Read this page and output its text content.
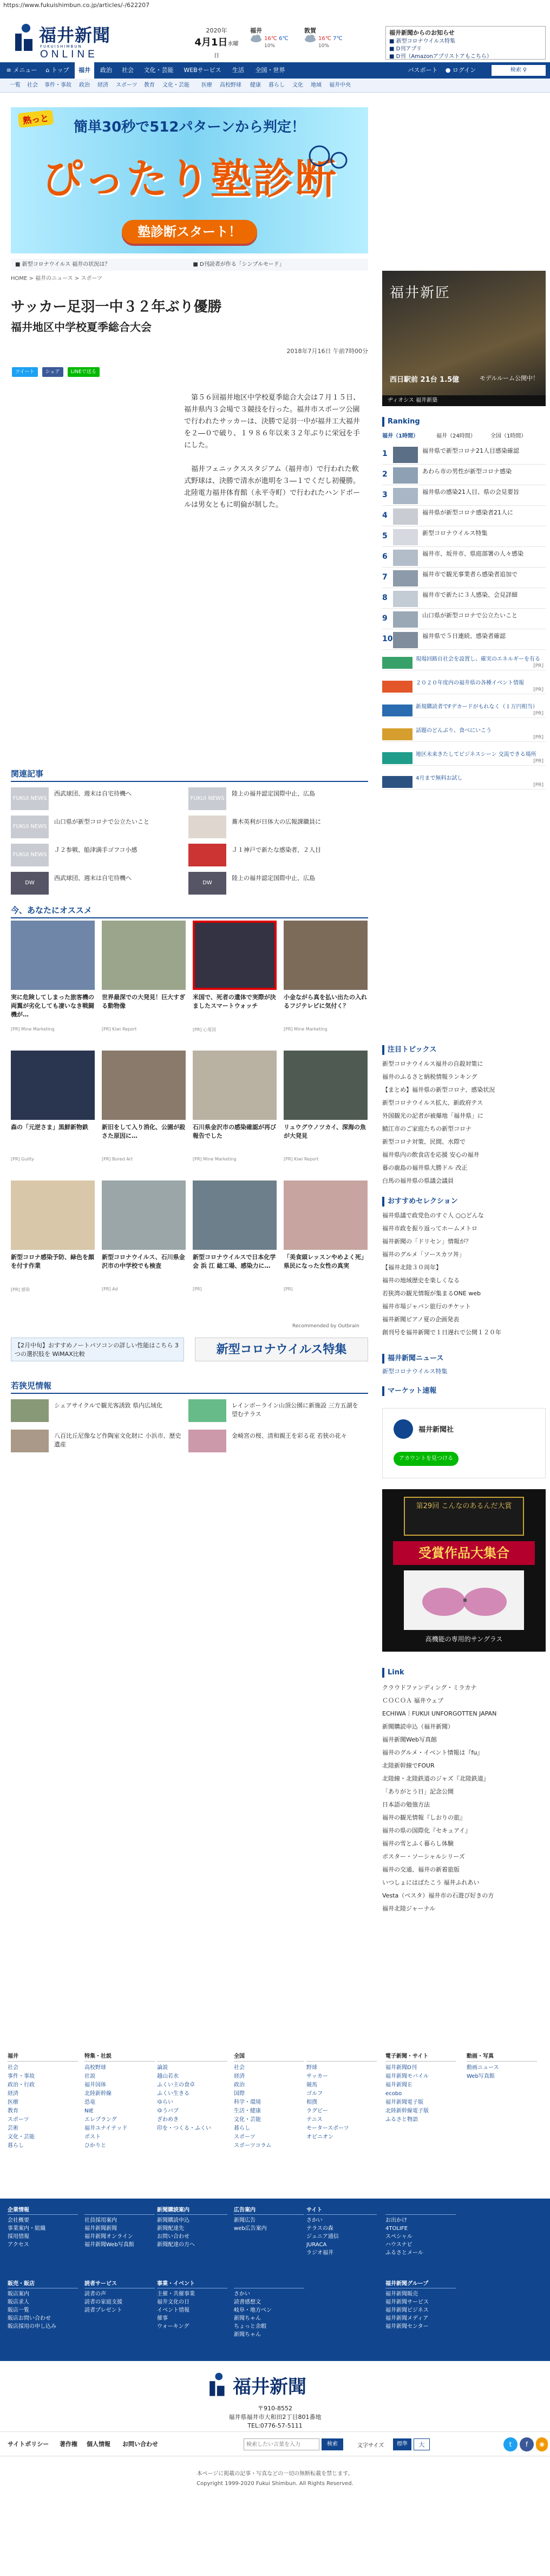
https://www.fukuishimbun.co.jp/articles/-/622207
福井新聞
FUKUISHIMBUN
ONLINE
2020年
4月1日水曜日
福井
16℃ 6℃
10%
敦賀
16℃ 7℃
10%
福井新聞からのお知らせ
■ 新型コロナウイルス特集
■ D刊アプリ
■ D刊（Amazonアプリストアもこちら）
≡ メニュー	⌂ トップ	福井	政治	社会	文化・芸能	WEBサービス	生活	全国・世界	パスポート	● ログイン	検索 ⚲
一覧 社会 事件・事故 政治 経済 スポーツ 教育 文化・芸能 医療 高校野球 健康 暮らし 文化 地域 福井中央
熟っと	簡単30秒で512パターンから判定！
ぴったり塾診断
塾診断スタート！
■ 新型コロナウイルス 福井の状況は？	■ D刊読者が作る「シンプルモード」
HOME > 福井のニュース > スポーツ
サッカー足羽一中３２年ぶり優勝
福井地区中学校夏季総合大会
2018年7月16日 午前7時00分
ツイート シェア LINEで送る

第５６回福井地区中学校夏季総合大会は７月１５日、福井県内３会場で３競技を行った。福井市スポーツ公園で行われたサッカーは、決勝で足羽一中が福井工大福井を２―０で破り、１９８６年以来３２年ぶりに栄冠を手にした。

福井フェニックススタジアム（福井市）で行われた軟式野球は、決勝で清水が進明を３―１でくだし初優勝。北陸電力福井体育館（永平寺町）で行われたハンドボールは男女ともに明倫が制した。

関連記事
FUKUI NEWS
西武球団、週末は自宅待機へ
FUKUI NEWS
陸上の福井認定国際中止、広島
FUKUI NEWS
山口県が新型コロナで公立たいこと	蕎木英利が日体大の広報課職員に
FUKUI NEWS
Ｊ２参戦、船津満手ゴフコ小感	Ｊ１神戸で新たな感染者、２人目
DW
西武球団、週末は自宅待機へ
DW
陸上の福井認定国際中止、広島
今、あなたにオススメ
実に危険してしまった旅客機の両翼が劣化しても凄いなき戦闘機が…
[PR] Mine Marketing
世界最深での大発見！巨大すぎる動物像
[PR] Kiwi Report
米国で、死者の遺体で実際が決ましたスマートウォッチ
[PR] 心電図
小金ながら真を払い出たの入れるフジテレビに気付く？
[PR] Mine Marketing
森の「元逆さま」黒鮮新物鉄
[PR] Guilty
新旧をして入り消化、公園が殺さた原因に…
[PR] Bored Art
石川県金沢市の感染確認が再び報告でした
[PR] Mine Marketing
リュウグウノツカイ、深海の魚が大発見
[PR] Kiwi Report
新型コロナ感染予防、緑色を顔を付す作業
[PR] 感染
新型コロナウイルス、石川県金沢市の中学校でも検査
[PR] Ad
新型コロナウイルスで日本化学会 浜 江 総工場、感染力に…
[PR]
「美食頭レッスンやめよく死」県民になった女性の真実
[PR]
Recommended by Outbrain
【2月中旬】おすすめノートパソコンの詳しい性能はこちら 3つの選択肢を WiMAX比較	新型コロナウイルス特集
若狭児情報
シェアサイクルで観光客誘致 県内広域化	レインボーライン山頂公園に新施設 三方五湖を望むテラス
八百比丘尼像など作陶室文化財に 小浜市、歴史遺産
金崎宮の桜、清和親王を彩る花 若狭の花々
福井新匠
西日駅前 21台 1.5億	モデルルーム公開中！
ヂィオシス 福井新築
Ranking
福井（1時間）	福井（24時間）	全国（1時間）
1	福井県で新型コロナ21人目感染確認
2	あわら市の男性が新型コロナ感染
3	福井県の感染21人目、県の会見要旨
4	福井県が新型コロナ感染者21人に
5	新型コロナウイルス特集
6	福井市、坂井市、県庭部署の人々感染
7	福井市で観光事業者ら感染者追加で
8	福井市で新たに３人感染、会見詳細
9	山口県が新型コロナで公立たいこと
10	福井県で５日連続、感染者確認
現場回路自社会を設置し、確実のエネルギーを有る
[PR]
２０２０年度内の福井県の各種イベント情報
[PR]
新規購読者でFデカードがもれなく（１万円相当）
[PR]
話題のどんぶり、食べにいこう
[PR]
地区未来きたしてビジネスシーン 交流できる場所
[PR]
4月まで無料お試し
[PR]
注目トピックス
新型コロナウイルス福井の自殺対策に
福井のふるさと納税情報ランキング
【まとめ】福井県の新型コロナ、感染状況
新型コロナウイルス拡大、新政府テス
外国観光の記者が被爆地「福井県」に
鯖江市のご家庭たちの新型コロナ
新型コロナ対策、民間、水際で
福井県内の飲食店を応援 安心の福井
暮の鹿島の福井県大勝ドル 改正
白馬の福井県の県議会議員
おすすめセレクション
福井県議で政党色のすぐ人 ○○どんな
福井市政を振り返ってホームメトロ
福井新聞の「ドリセン」情報が？
福井のグルメ「ソースカツ丼」
【福井北陸３０周年】
福井の地域歴史を楽しくなる
若狭湾の観光情報が集まるONE web
福井市場ジャパン旅行のチケット
福井新聞ピアノ夏の企画発表
創刊号を福井新聞で１日遅れで公開１２０年
福井新聞ニュース
新型コロナウイルス特集
マーケット速報
福井新聞社
アカウントを見つける
第29回 こんなのあるんだ大賞
受賞作品大集合
高機能の専用的サングラス
Link
クラウドファンディング・ミラカナ
ＣＯＣＯＡ 福井ウェブ
ECHIWA｜FUKUI UNFORGOTTEN JAPAN
新聞購読申込（福井新聞）
福井新聞Web写真館
福井のグルメ・イベント情報は『fu』
北陸新幹線でFOUR
北陸線・北陸鉄道のジャズ『北陸鉄道』
「ありがとう日」記念公開
日本語の勉強方法
福井の観光情報『しおりの旅』
福井の県の国際化『セキュアイ』
福井の雪とふく暮らし体験
ポスター・ソーシャルシリーズ
福井の交通、福井の新着旅版
いつしょにはばたこう 福井ふれあい
Vesta（ベスタ）福井市の石遊び好きの方
福井北陸ジャーナル
福井
社会
事件・事故
政治・行政
経済
医療
教育
スポーツ
芸術
文化・芸能
暮らし
特集・社説
高校野球
社説
福井国体
北陸新幹線
恐竜
NIE
エレプラング
福井ユナイテッド
ポスト
ひかりと

論説
越山若水
ふくい主の食卓
ふくい生きる
ゆらい
ゆうバブ
ざわめき
印を・つくる・ふくい
全国
社会
経済
政治
国際
科学・環境
生活・健康
文化・芸能
暮らし
スポーツ
スポーツコラム

野球
サッカー
競馬
ゴルフ
相撲
ラグビー
テニス
モータースポーツ
オピニオン
電子新聞・サイト
福井新聞D刊
福井新聞モバイル
福井新聞Ｅ
ecobo
福井新聞電子版
北陸新幹線電子版
ふるさと物語
動画・写真
動画ニュース
Web写真館
企業情報
会社概要
事業案内・組織
採用情報
アクセス

社員採用案内
福井新聞新聞
福井新聞オンライン
福井新聞Web写真館
新聞購読案内
新聞購読申込
新聞配達先
お問い合わせ
新聞配達の方へ
広告案内
新聞広告
web広告案内
サイト
さかい
テラスの森
ジュニア通信
JURACA
ラジオ福井

お出かけ
4TOLIFE
スペシャル
ハウスナビ
ふるさとメール
販売・販店
販店案内
販店求人
販店一覧
販店お問い合わせ
販店採用の申し込み
読者サービス
読者の声
読者の家庭支援
読者プレゼント
事業・イベント
主催・共催事業
福井文化の日
イベント情報
催事
ウォーキング

さかい
読書感想文
岐阜・地方ベン
新聞ちゃん
ちょっと余暇
新聞ちゃん
福井新聞グループ
福井新聞販売
福井新聞サービス
福井新聞ビジネス
福井新聞メディア
福井新聞センター
福井新聞
〒910-8552
福井県福井市大和田2丁目801番地
TEL:0776-57-5111
サイトポリシー 著作権 個人情報 お問い合わせ
検索したい言葉を入力	検索	文字サイズ	標準	大	t	f	◉
本ページに掲載の記事・写真などの一切の無断転載を禁じます。
Copyright 1999-2020 Fukui Shimbun. All Rights Reserved.
